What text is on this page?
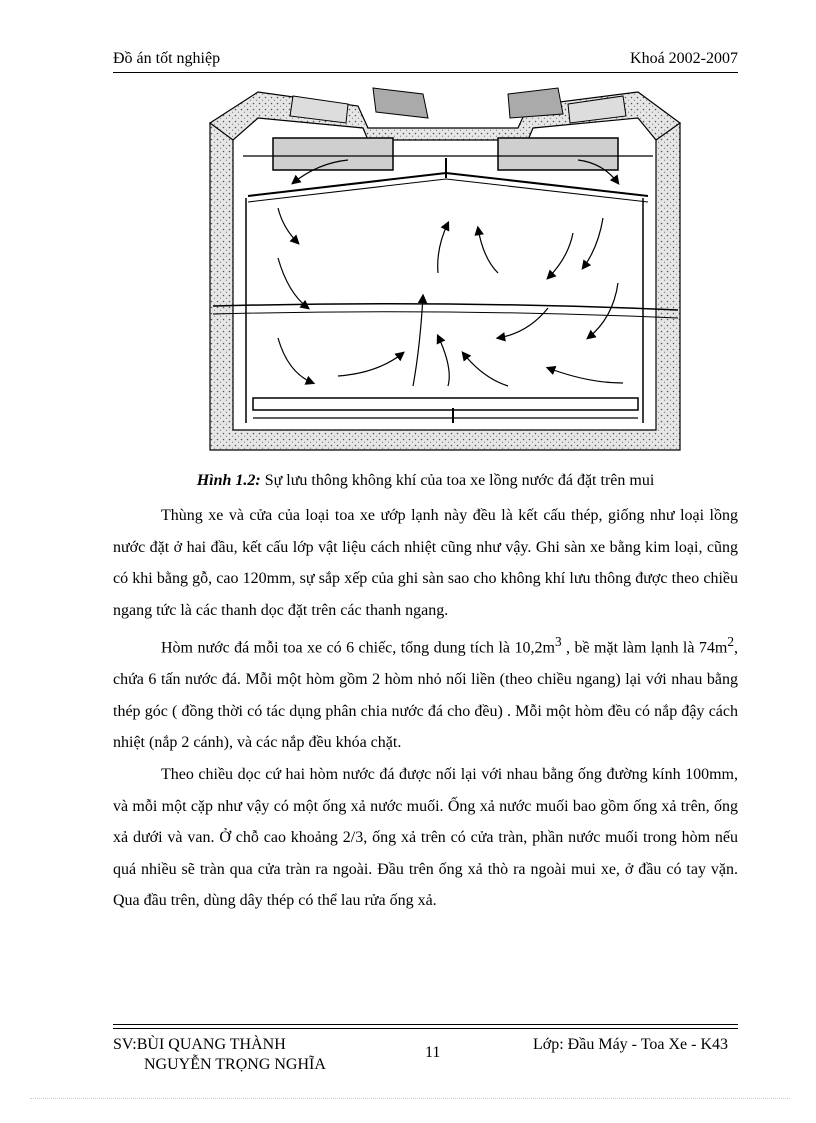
Đồ án tốt nghiệp	Khoá 2002-2007
Hình 1.2: Sự lưu thông không khí của toa xe lồng nước đá đặt trên mui

Thùng xe và cửa của loại toa xe ướp lạnh này đều là kết cấu thép, giống như loại lồng nước đặt ở hai đầu, kết cấu lớp vật liệu cách nhiệt cũng như vậy. Ghi sàn xe bằng kim loại, cũng có khi bằng gỗ, cao 120mm, sự sắp xếp của ghi sàn sao cho không khí lưu thông được theo chiều ngang tức là các thanh dọc đặt trên các thanh ngang.

Hòm nước đá mỗi toa xe có 6 chiếc, tổng dung tích là $10,2m^3$ , bề mặt làm lạnh là $74m^2$, chứa 6 tấn nước đá. Mỗi một hòm gồm 2 hòm nhỏ nối liền (theo chiều ngang) lại với nhau bằng thép góc ( đồng thời có tác dụng phân chia nước đá cho đều) . Mỗi một hòm đều có nắp đậy cách nhiệt (nắp 2 cánh), và các nắp đều khóa chặt.

Theo chiều dọc cứ hai hòm nước đá được nối lại với nhau bằng ống đường kính 100mm, và mỗi một cặp như vậy có một ống xả nước muối. Ống xả nước muối bao gồm ống xả trên, ống xả dưới và van. Ở chỗ cao khoảng 2/3, ống xả trên có cửa tràn, phần nước muối trong hòm nếu quá nhiều sẽ tràn qua cửa tràn ra ngoài. Đầu trên ống xả thò ra ngoài mui xe, ở đầu có tay vặn. Qua đầu trên, dùng dây thép có thể lau rửa ống xả.

SV:BÙI QUANG THÀNH
NGUYỄN TRỌNG NGHĨA
11	Lớp: Đầu Máy - Toa Xe - K43
